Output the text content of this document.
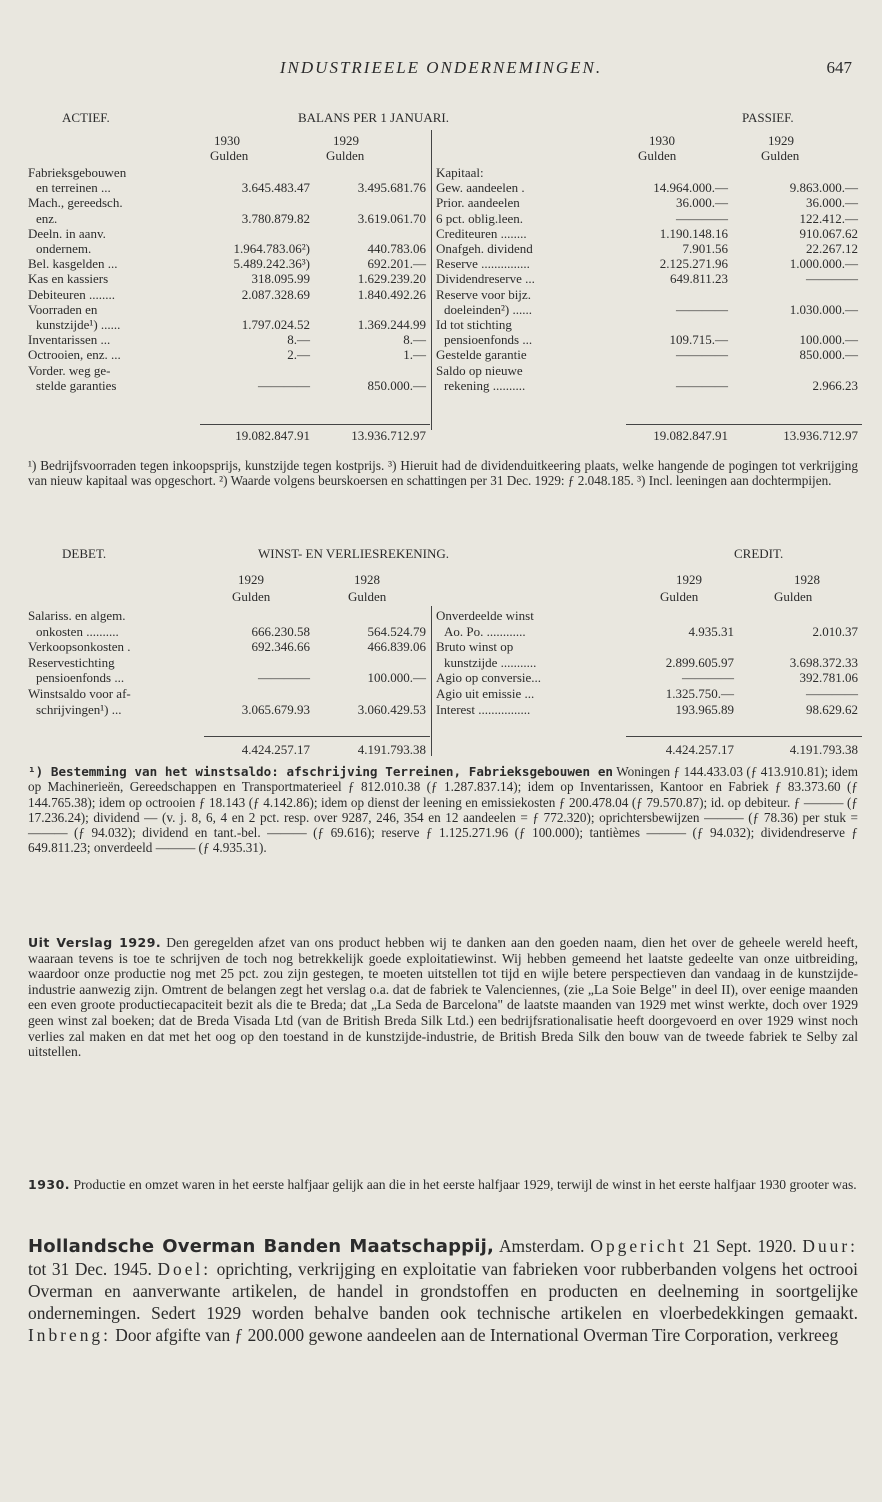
INDUSTRIEELE ONDERNEMINGEN.	647
ACTIEF.	BALANS PER 1 JANUARI.	PASSIEF.
1930	1929
Gulden	Gulden
1930	1929
Gulden	Gulden
Fabrieksgebouwen
en terreinen ...	3.645.483.47	3.495.681.76
Mach., gereedsch.
enz.	3.780.879.82	3.619.061.70
Deeln. in aanv.
ondernem.	1.964.783.06²)	440.783.06
Bel. kasgelden ...	5.489.242.36³)	692.201.—
Kas en kassiers	318.095.99	1.629.239.20
Debiteuren ........	2.087.328.69	1.840.492.26
Voorraden en
kunstzijde¹) ......	1.797.024.52	1.369.244.99
Inventarissen ...	8.—	8.—
Octrooien, enz. ...	2.—	1.—
Vorder. weg ge-
stelde garanties	————	850.000.—
Kapitaal:
Gew. aandeelen .	14.964.000.—	9.863.000.—
Prior. aandeelen	36.000.—	36.000.—
6 pct. oblig.leen.	————	122.412.—
Crediteuren ........	1.190.148.16	910.067.62
Onafgeh. dividend	7.901.56	22.267.12
Reserve ...............	2.125.271.96	1.000.000.—
Dividendreserve ...	649.811.23	————
Reserve voor bijz.
doeleinden²) ......	————	1.030.000.—
Id tot stichting
pensioenfonds ...	109.715.—	100.000.—
Gestelde garantie	————	850.000.—
Saldo op nieuwe
rekening ..........	————	2.966.23
19.082.847.91	13.936.712.97	19.082.847.91	13.936.712.97
¹) Bedrijfsvoorraden tegen inkoopsprijs, kunstzijde tegen kostprijs. ³) Hieruit had de dividenduitkeering plaats, welke hangende de pogingen tot verkrijging van nieuw kapitaal was opgeschort. ²) Waarde volgens beurskoersen en schattingen per 31 Dec. 1929: ƒ 2.048.185. ³) Incl. leeningen aan dochtermpijen.
DEBET.	WINST- EN VERLIESREKENING.	CREDIT.
1929	1928
Gulden	Gulden
1929	1928
Gulden	Gulden
Salariss. en algem.
onkosten ..........	666.230.58	564.524.79
Verkoopsonkosten .	692.346.66	466.839.06
Reservestichting
pensioenfonds ...	————	100.000.—
Winstsaldo voor af-
schrijvingen¹) ...	3.065.679.93	3.060.429.53
Onverdeelde winst
Ao. Po. ............	4.935.31	2.010.37
Bruto winst op
kunstzijde ...........	2.899.605.97	3.698.372.33
Agio op conversie...	————	392.781.06
Agio uit emissie ...	1.325.750.—	————
Interest ................	193.965.89	98.629.62
4.424.257.17	4.191.793.38	4.424.257.17	4.191.793.38
¹) Bestemming van het winstsaldo: afschrijving Terreinen, Fabrieksgebouwen en Woningen ƒ 144.433.03 (ƒ 413.910.81); idem op Machinerieën, Gereedschappen en Transportmaterieel ƒ 812.010.38 (ƒ 1.287.837.14); idem op Inventarissen, Kantoor en Fabriek ƒ 83.373.60 (ƒ 144.765.38); idem op octrooien ƒ 18.143 (ƒ 4.142.86); idem op dienst der leening en emissiekosten ƒ 200.478.04 (ƒ 79.570.87); id. op debiteur. ƒ ——— (ƒ 17.236.24); dividend — (v. j. 8, 6, 4 en 2 pct. resp. over 9287, 246, 354 en 12 aandeelen = ƒ 772.320); oprichtersbewijzen ——— (ƒ 78.36) per stuk = ——— (ƒ 94.032); dividend en tant.-bel. ——— (ƒ 69.616); reserve ƒ 1.125.271.96 (ƒ 100.000); tantièmes ——— (ƒ 94.032); dividendreserve ƒ 649.811.23; onverdeeld ——— (ƒ 4.935.31).
Uit Verslag 1929. Den geregelden afzet van ons product hebben wij te danken aan den goeden naam, dien het over de geheele wereld heeft, waaraan tevens is toe te schrijven de toch nog betrekkelijk goede exploitatiewinst. Wij hebben gemeend het laatste gedeelte van onze uitbreiding, waardoor onze productie nog met 25 pct. zou zijn gestegen, te moeten uitstellen tot tijd en wijle betere perspectieven dan vandaag in de kunstzijde-industrie aanwezig zijn. Omtrent de belangen zegt het verslag o.a. dat de fabriek te Valenciennes, (zie „La Soie Belge" in deel II), over eenige maanden een even groote productiecapaciteit bezit als die te Breda; dat „La Seda de Barcelona" de laatste maanden van 1929 met winst werkte, doch over 1929 geen winst zal boeken; dat de Breda Visada Ltd (van de British Breda Silk Ltd.) een bedrijfsrationalisatie heeft doorgevoerd en over 1929 winst noch verlies zal maken en dat met het oog op den toestand in de kunstzijde-industrie, de British Breda Silk den bouw van de tweede fabriek te Selby zal uitstellen.
1930. Productie en omzet waren in het eerste halfjaar gelijk aan die in het eerste halfjaar 1929, terwijl de winst in het eerste halfjaar 1930 grooter was.
Hollandsche Overman Banden Maatschappij, Amsterdam. Opgericht 21 Sept. 1920. Duur: tot 31 Dec. 1945. Doel: oprichting, verkrijging en exploitatie van fabrieken voor rubberbanden volgens het octrooi Overman en aanverwante artikelen, de handel in grondstoffen en producten en deelneming in soortgelijke ondernemingen. Sedert 1929 worden behalve banden ook technische artikelen en vloerbedekkingen gemaakt. Inbreng: Door afgifte van ƒ 200.000 gewone aandeelen aan de International Overman Tire Corporation, verkreeg
